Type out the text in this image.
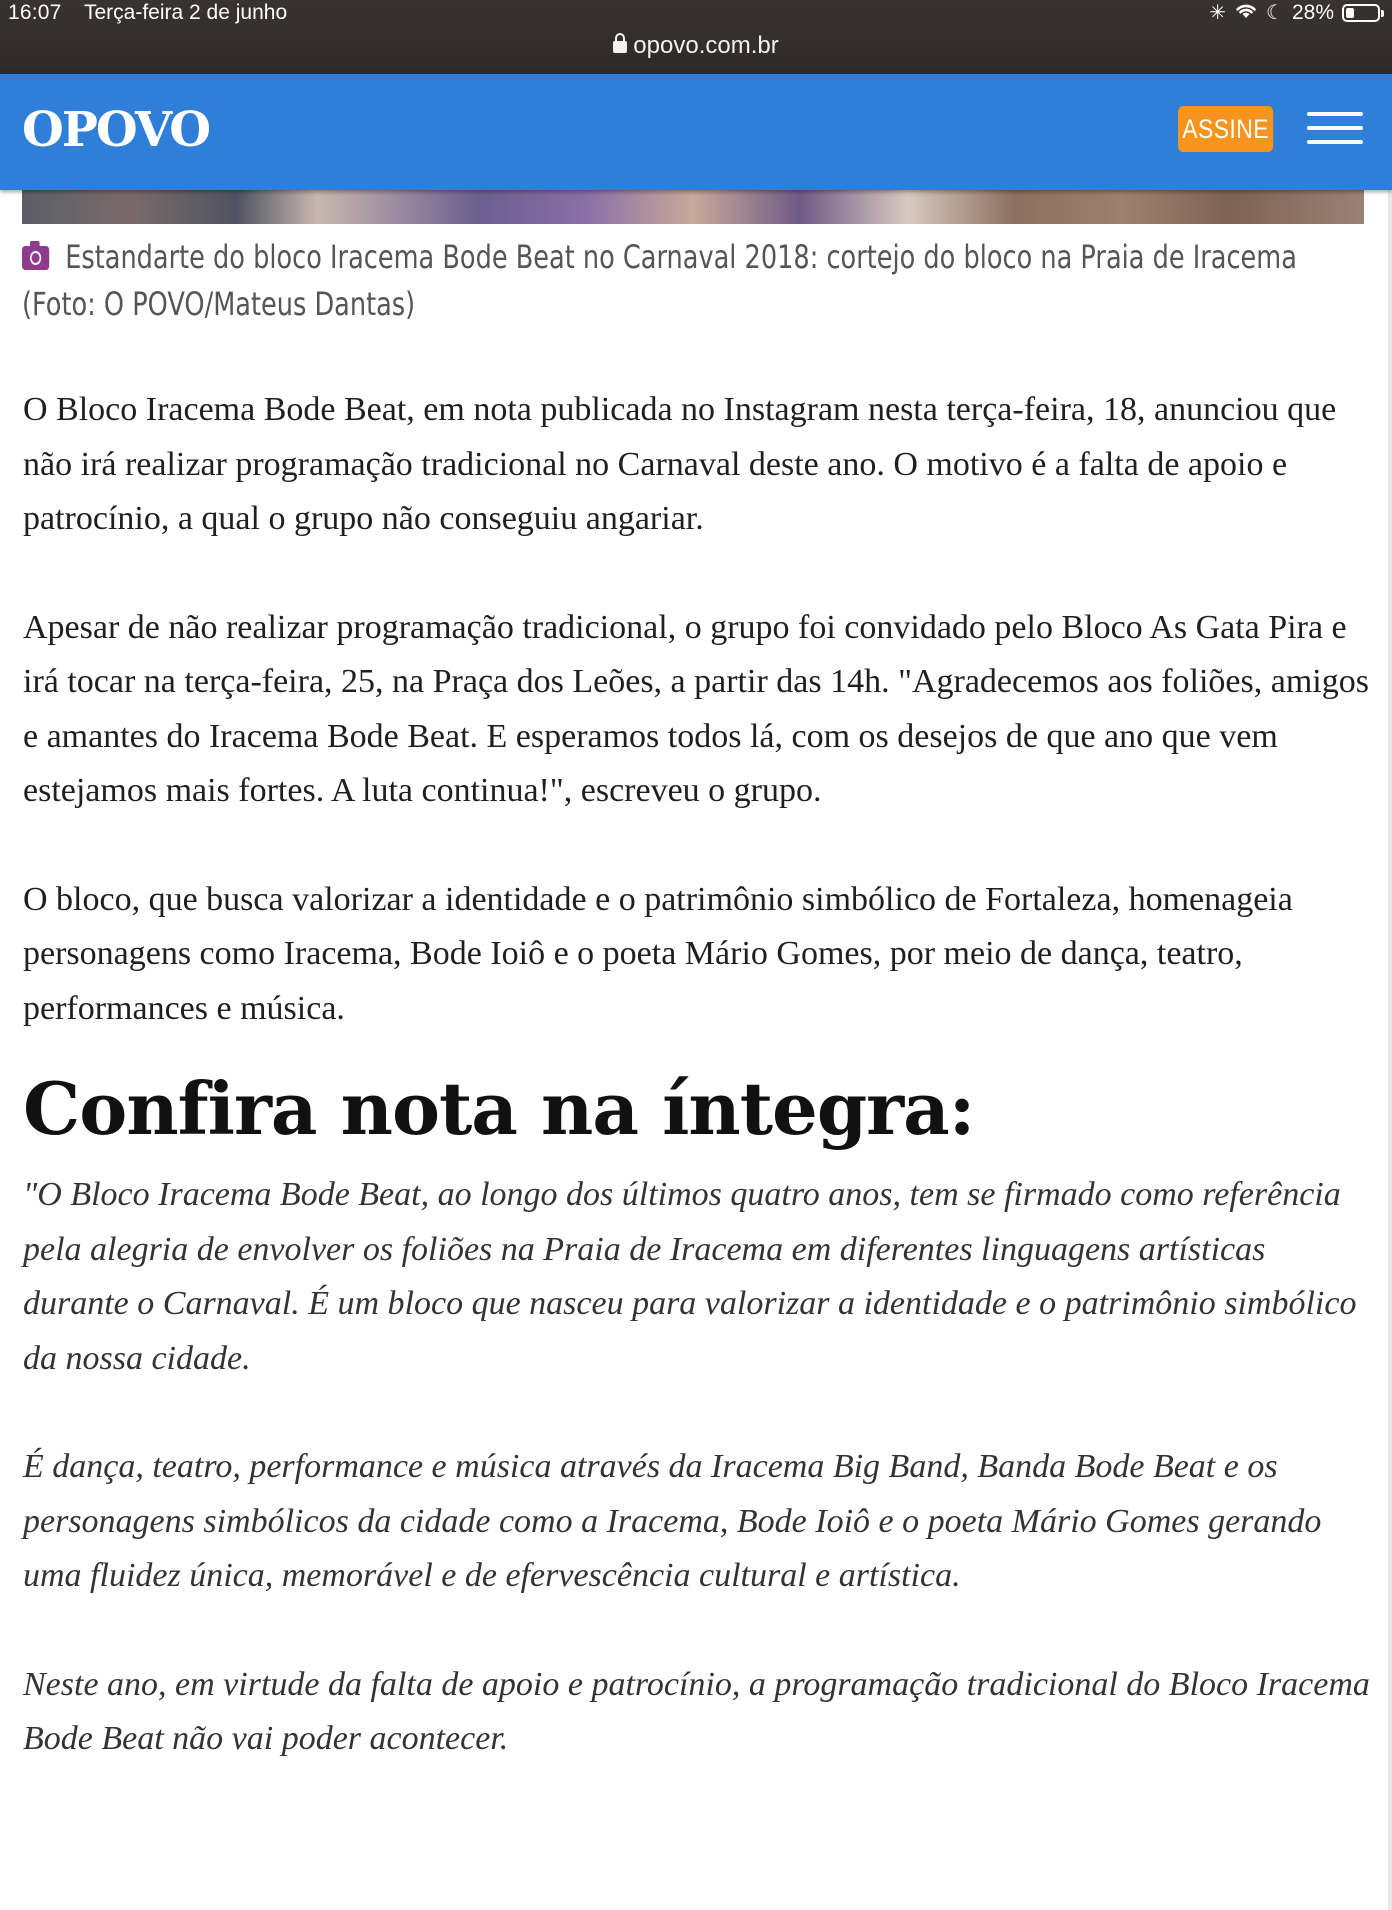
16:07 Terça-feira 2 de junho	✳ ☾ 28%
opovo.com.br
OPOVO	ASSINE
Estandarte do bloco Iracema Bode Beat no Carnaval 2018: cortejo do bloco na Praia de Iracema (Foto: O POVO/Mateus Dantas)

O Bloco Iracema Bode Beat, em nota publicada no Instagram nesta terça-feira, 18, anunciou que não irá realizar programação tradicional no Carnaval deste ano. O motivo é a falta de apoio e patrocínio, a qual o grupo não conseguiu angariar.

Apesar de não realizar programação tradicional, o grupo foi convidado pelo Bloco As Gata Pira e irá tocar na terça-feira, 25, na Praça dos Leões, a partir das 14h. "Agradecemos aos foliões, amigos e amantes do Iracema Bode Beat. E esperamos todos lá, com os desejos de que ano que vem estejamos mais fortes. A luta continua!", escreveu o grupo.

O bloco, que busca valorizar a identidade e o patrimônio simbólico de Fortaleza, homenageia personagens como Iracema, Bode Ioiô e o poeta Mário Gomes, por meio de dança, teatro, performances e música.

Confira nota na íntegra:

"O Bloco Iracema Bode Beat, ao longo dos últimos quatro anos, tem se firmado como referência pela alegria de envolver os foliões na Praia de Iracema em diferentes linguagens artísticas durante o Carnaval. É um bloco que nasceu para valorizar a identidade e o patrimônio simbólico da nossa cidade.

É dança, teatro, performance e música através da Iracema Big Band, Banda Bode Beat e os personagens simbólicos da cidade como a Iracema, Bode Ioiô e o poeta Mário Gomes gerando uma fluidez única, memorável e de efervescência cultural e artística.

Neste ano, em virtude da falta de apoio e patrocínio, a programação tradicional do Bloco Iracema Bode Beat não vai poder acontecer.
